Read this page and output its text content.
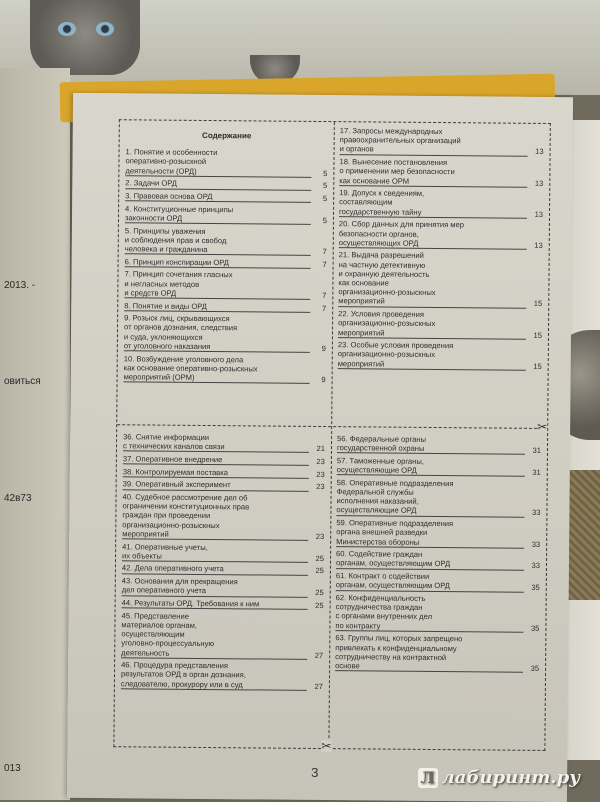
2013. -
овиться
42в73
013
✂
✂
Содержание
1. Понятие и особенности
оперативно-розыскной
деятельности (ОРД)	5
2. Задачи ОРД	5
3. Правовая основа ОРД	5
4. Конституционные принципы
законности ОРД	5
5. Принципы уважения
и соблюдения прав и свобод
человека и гражданина	7
6. Принцип конспирации ОРД	7
7. Принцип сочетания гласных
и негласных методов
и средств ОРД	7
8. Понятие и виды ОРД	7
9. Розыск лиц, скрывающихся
от органов дознания, следствия
и суда, уклоняющихся
от уголовного наказания	9
10. Возбуждение уголовного дела
как основание оперативно-розыскных
мероприятий (ОРМ)	9
17. Запросы международных
правоохранительных организаций
и органов	13
18. Вынесение постановления
о применении мер безопасности
как основание ОРМ	13
19. Допуск к сведениям,
составляющим
государственную тайну	13
20. Сбор данных для принятия мер
безопасности органов,
осуществляющих ОРД	13
21. Выдача разрешений
на частную детективную
и охранную деятельность
как основание
организационно-розыскных
мероприятий	15
22. Условия проведения
организационно-розыскных
мероприятий	15
23. Особые условия проведения
организационно-розыскных
мероприятий	15
36. Снятие информации
с технических каналов связи	21
37. Оперативное внедрение	23
38. Контролируемая поставка	23
39. Оперативный эксперимент	23
40. Судебное рассмотрение дел об
ограничении конституционных прав
граждан при проведении
организационно-розыскных
мероприятий	23
41. Оперативные учеты,
их объекты	25
42. Дела оперативного учета	25
43. Основания для прекращения
дел оперативного учета	25
44. Результаты ОРД. Требования к ним	25
45. Представление
материалов органам,
осуществляющим
уголовно-процессуальную
деятельность	27
46. Процедура представления
результатов ОРД в орган дознания,
следователю, прокурору или в суд	27
56. Федеральные органы
государственной охраны	31
57. Таможенные органы,
осуществляющие ОРД	31
58. Оперативные подразделения
Федеральной службы
исполнения наказаний,
осуществляющие ОРД	33
59. Оперативные подразделения
органа внешней разведки
Министерства обороны	33
60. Содействие граждан
органам, осуществляющим ОРД	33
61. Контракт о содействии
органам, осуществляющим ОРД	35
62. Конфиденциальность
сотрудничества граждан
с органами внутренних дел
по контракту	35
63. Группы лиц, которых запрещено
привлекать к конфиденциальному
сотрудничеству на контрактной
основе	35
3	Л лабиринт.ру
